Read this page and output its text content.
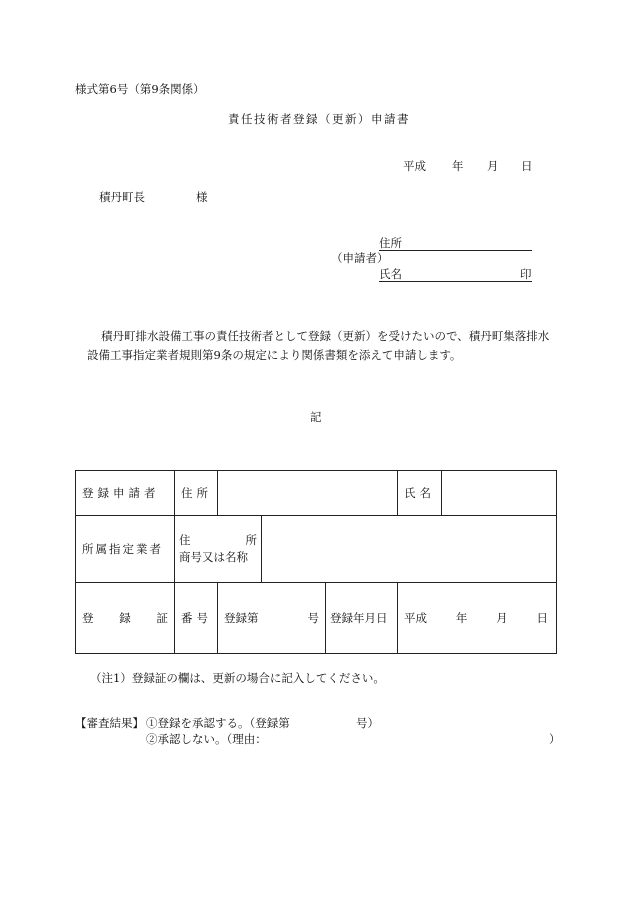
様式第6号（第9条関係）
責任技術者登録（更新）申請書
平成 年 月 日
積丹町長	様
住所
（申請者）
氏名	印
積丹町排水設備工事の責任技術者として登録（更新）を受けたいので、積丹町集落排水
設備工事指定業者規則第9条の規定により関係書類を添えて申請します。
記
登録申請者	住所				氏名	
所属指定業者	住 所
商号又は名称					

登 録 証	番号	登録第 号		登録年月日	平成 年 月 日	
（注1）登録証の欄は、更新の場合に記入してください。
【審査結果】 ①登録を承認する。（登録第	号）
②承認しない。（理由：	）
